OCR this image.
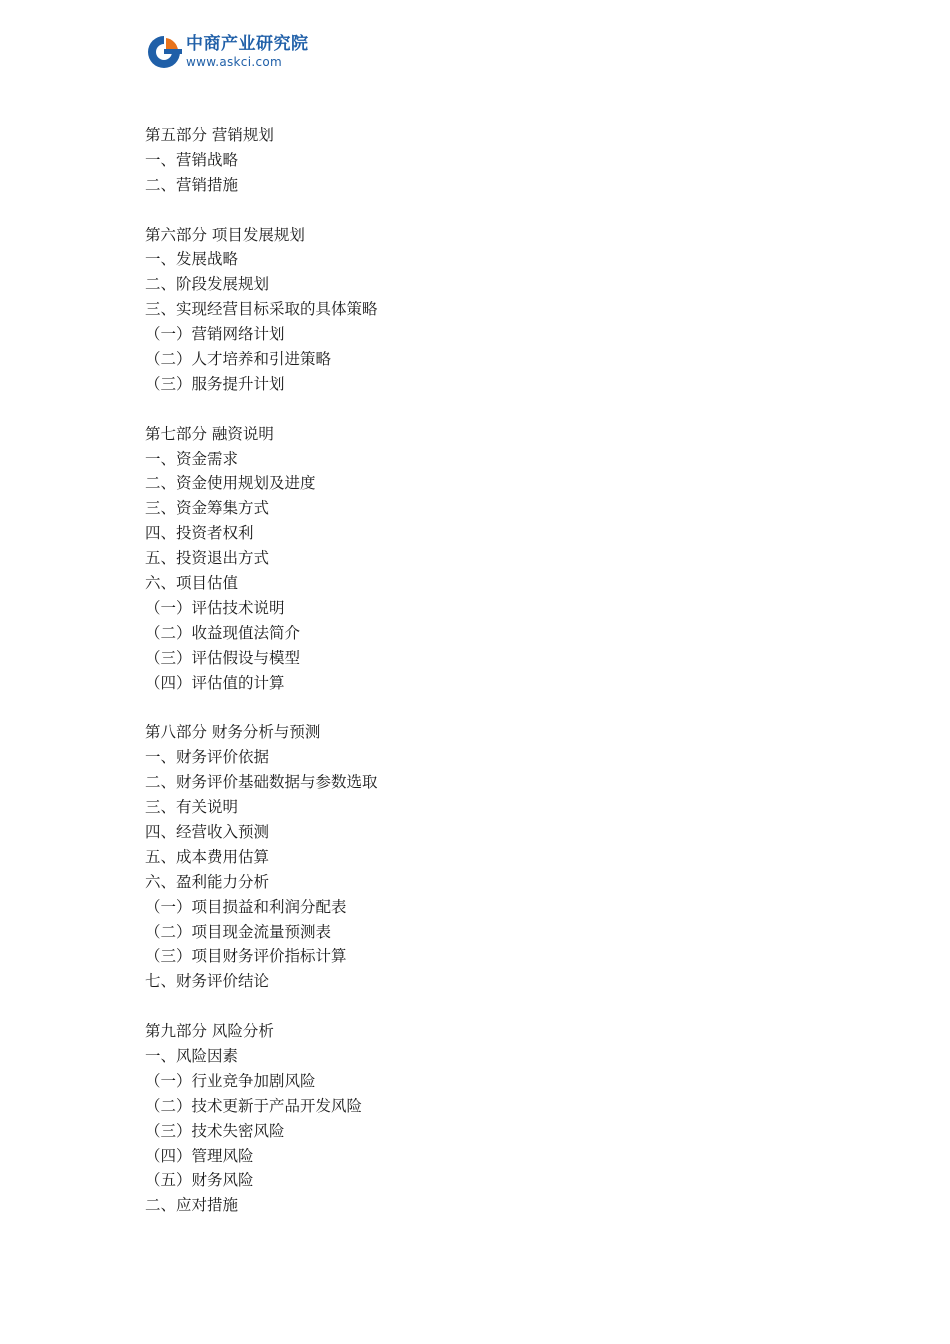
中商产业研究院
www.askci.com
第五部分 营销规划
一、营销战略
二、营销措施
第六部分 项目发展规划
一、发展战略
二、阶段发展规划
三、实现经营目标采取的具体策略
（一）营销网络计划
（二）人才培养和引进策略
（三）服务提升计划
第七部分 融资说明
一、资金需求
二、资金使用规划及进度
三、资金筹集方式
四、投资者权利
五、投资退出方式
六、项目估值
（一）评估技术说明
（二）收益现值法简介
（三）评估假设与模型
（四）评估值的计算
第八部分 财务分析与预测
一、财务评价依据
二、财务评价基础数据与参数选取
三、有关说明
四、经营收入预测
五、成本费用估算
六、盈利能力分析
（一）项目损益和利润分配表
（二）项目现金流量预测表
（三）项目财务评价指标计算
七、财务评价结论
第九部分 风险分析
一、风险因素
（一）行业竞争加剧风险
（二）技术更新于产品开发风险
（三）技术失密风险
（四）管理风险
（五）财务风险
二、应对措施
